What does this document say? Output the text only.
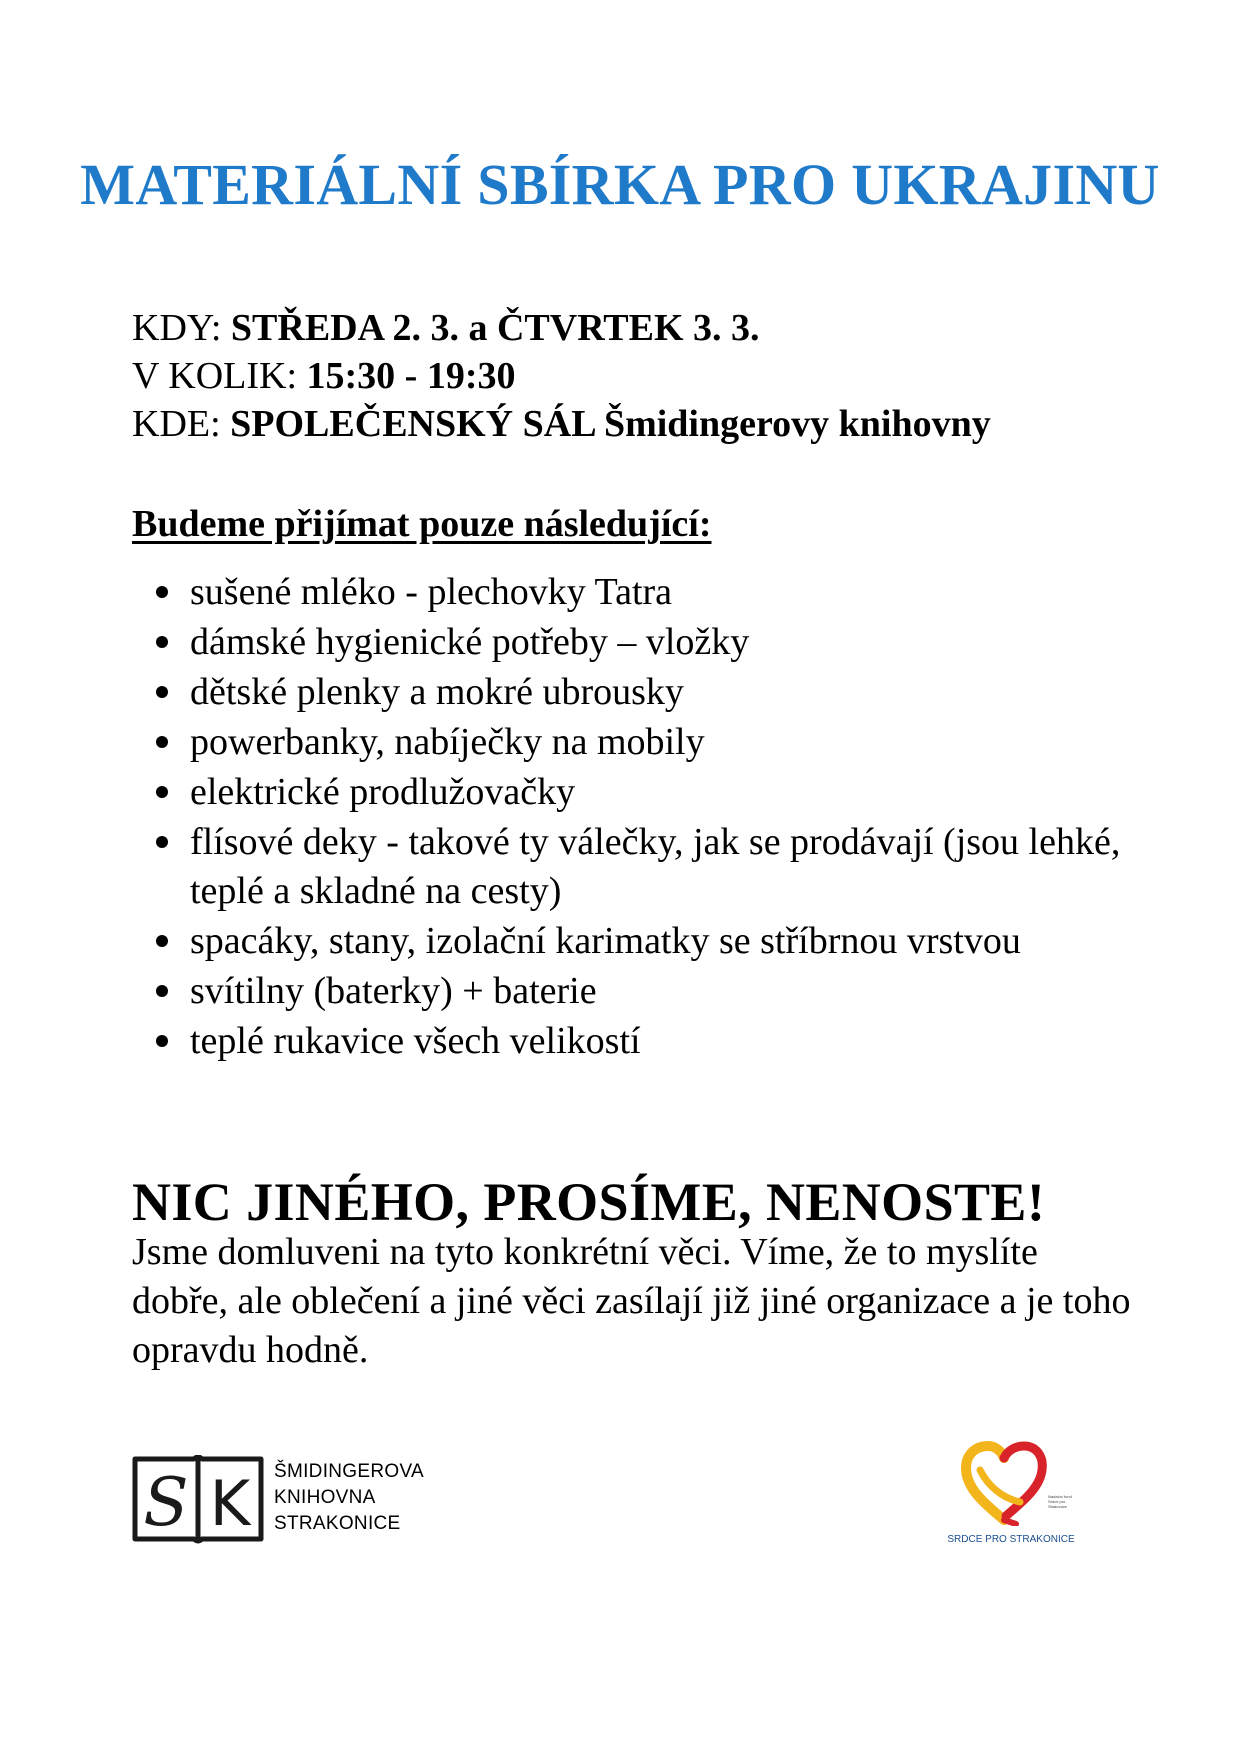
MATERIÁLNÍ SBÍRKA PRO UKRAJINU
KDY: STŘEDA 2. 3. a ČTVRTEK 3. 3.
V KOLIK: 15:30 - 19:30
KDE: SPOLEČENSKÝ SÁL Šmidingerovy knihovny
Budeme přijímat pouze následující:
sušené mléko - plechovky Tatra
dámské hygienické potřeby – vložky
dětské plenky a mokré ubrousky
powerbanky, nabíječky na mobily
elektrické prodlužovačky
flísové deky - takové ty válečky, jak se prodávají (jsou lehké, teplé a skladné na cesty)
spacáky, stany, izolační karimatky se stříbrnou vrstvou
svítilny (baterky) + baterie
teplé rukavice všech velikostí
NIC JINÉHO, PROSÍME, NENOSTE!
Jsme domluveni na tyto konkrétní věci. Víme, že to myslíte dobře, ale oblečení a jiné věci zasílají již jiné organizace a je toho opravdu hodně.
S K ŠMIDINGEROVA
KNIHOVNA
STRAKONICE
Nadační fond Srdce pro Strakonice
SRDCE PRO STRAKONICE
